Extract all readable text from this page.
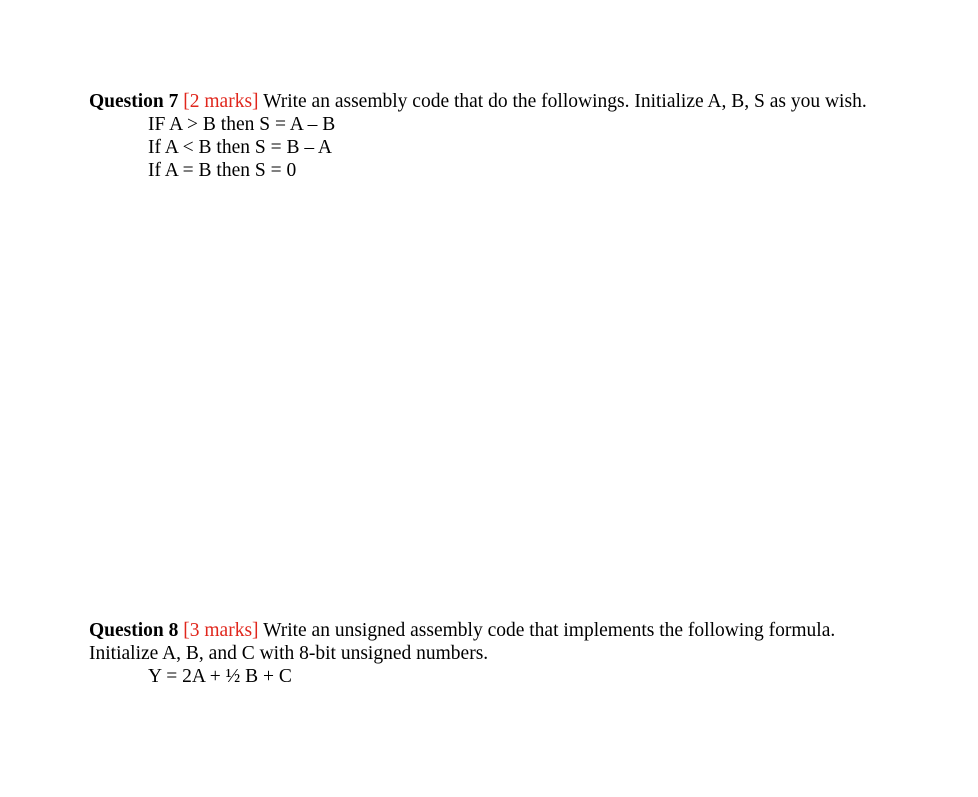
Question 7 [2 marks] Write an assembly code that do the followings. Initialize A, B, S as you wish.
IF A > B then S = A – B
If A < B then S = B – A
If A = B then S = 0
Question 8 [3 marks] Write an unsigned assembly code that implements the following formula.
Initialize A, B, and C with 8-bit unsigned numbers.
Y = 2A + ½ B + C
